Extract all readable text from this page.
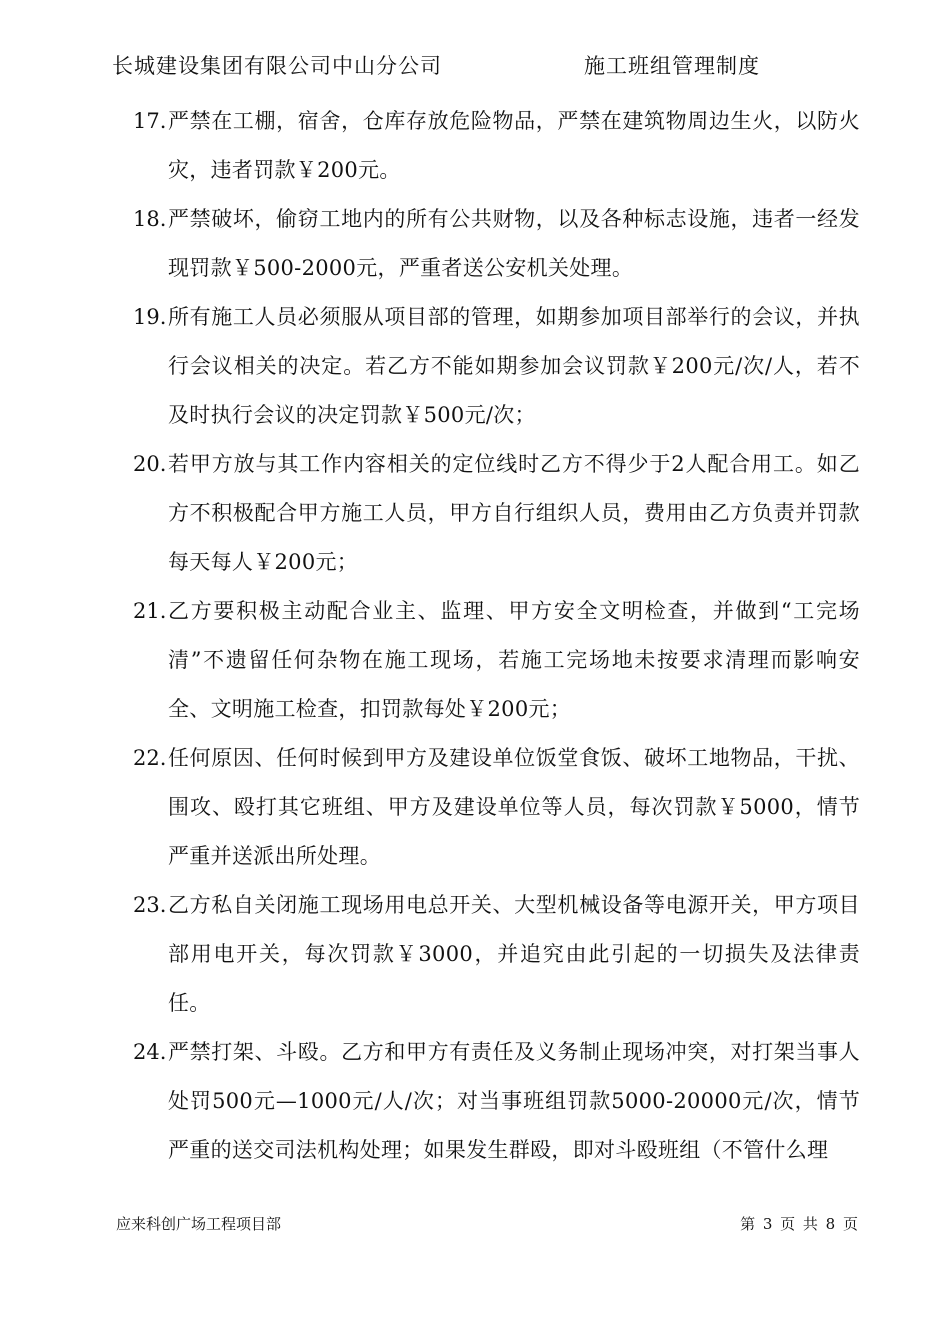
长城建设集团有限公司中山分公司	施工班组管理制度
17. 严禁在工棚，宿舍，仓库存放危险物品，严禁在建筑物周边生火，以防火灾，违者罚款￥200元。
18. 严禁破坏，偷窃工地内的所有公共财物，以及各种标志设施，违者一经发现罚款￥500-2000元，严重者送公安机关处理。
19. 所有施工人员必须服从项目部的管理，如期参加项目部举行的会议，并执行会议相关的决定。若乙方不能如期参加会议罚款￥200元/次/人，若不及时执行会议的决定罚款￥500元/次；
20. 若甲方放与其工作内容相关的定位线时乙方不得少于2人配合用工。如乙方不积极配合甲方施工人员，甲方自行组织人员，费用由乙方负责并罚款每天每人￥200元；
21. 乙方要积极主动配合业主、监理、甲方安全文明检查，并做到“工完场清”不遗留任何杂物在施工现场，若施工完场地未按要求清理而影响安全、文明施工检查，扣罚款每处￥200元；
22. 任何原因、任何时候到甲方及建设单位饭堂食饭、破坏工地物品，干扰、围攻、殴打其它班组、甲方及建设单位等人员，每次罚款￥5000，情节严重并送派出所处理。
23. 乙方私自关闭施工现场用电总开关、大型机械设备等电源开关，甲方项目部用电开关，每次罚款￥3000，并追究由此引起的一切损失及法律责任。
24. 严禁打架、斗殴。乙方和甲方有责任及义务制止现场冲突，对打架当事人处罚500元—1000元/人/次；对当事班组罚款5000-20000元/次，情节严重的送交司法机构处理；如果发生群殴，即对斗殴班组（不管什么理
应来科创广场工程项目部	第 3 页 共 8 页
